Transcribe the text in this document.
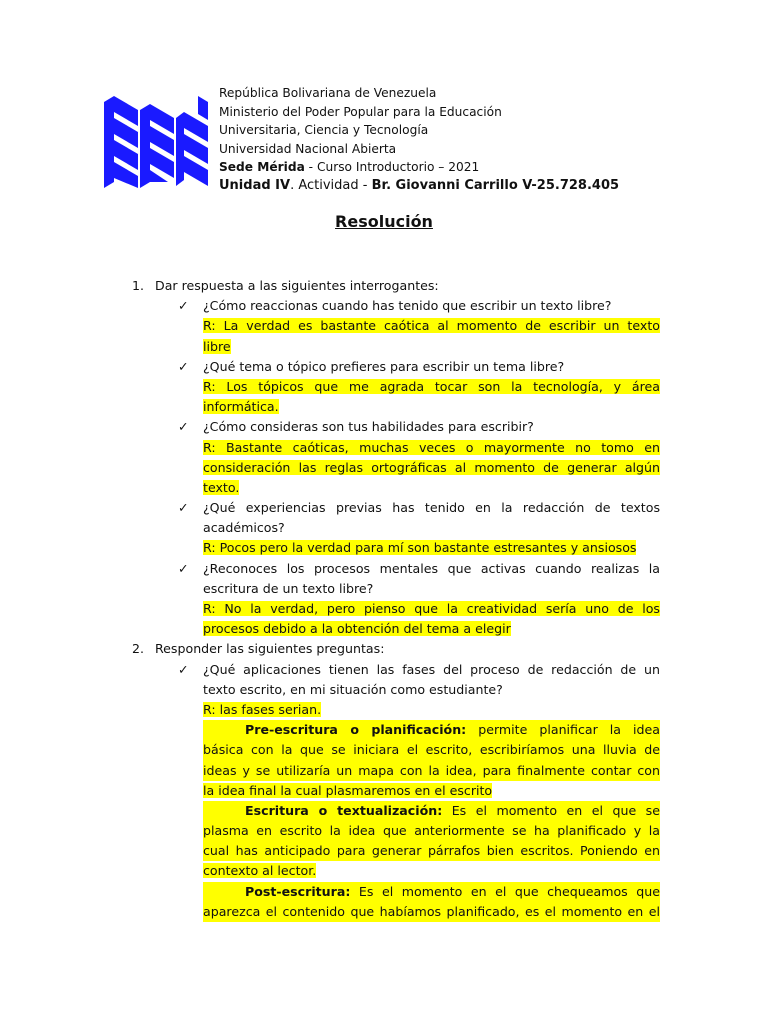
República Bolivariana de Venezuela
Ministerio del Poder Popular para la Educación
Universitaria, Ciencia y Tecnología
Universidad Nacional Abierta
Sede Mérida - Curso Introductorio – 2021
Unidad IV. Actividad - Br. Giovanni Carrillo V-25.728.405
Resolución
1. Dar respuesta a las siguientes interrogantes:
✓ ¿Cómo reaccionas cuando has tenido que escribir un texto libre?
R: La verdad es bastante caótica al momento de escribir un texto
libre
✓ ¿Qué tema o tópico prefieres para escribir un tema libre?
R: Los tópicos que me agrada tocar son la tecnología, y área
informática.
✓ ¿Cómo consideras son tus habilidades para escribir?
R: Bastante caóticas, muchas veces o mayormente no tomo en
consideración las reglas ortográficas al momento de generar algún
texto.
✓ ¿Qué experiencias previas has tenido en la redacción de textos
académicos?
R: Pocos pero la verdad para mí son bastante estresantes y ansiosos
✓ ¿Reconoces los procesos mentales que activas cuando realizas la
escritura de un texto libre?
R: No la verdad, pero pienso que la creatividad sería uno de los
procesos debido a la obtención del tema a elegir
2. Responder las siguientes preguntas:
✓ ¿Qué aplicaciones tienen las fases del proceso de redacción de un
texto escrito, en mi situación como estudiante?
R: las fases serian.
Pre-escritura o planificación: permite planificar la idea
básica con la que se iniciara el escrito, escribiríamos una lluvia de
ideas y se utilizaría un mapa con la idea, para finalmente contar con
la idea final la cual plasmaremos en el escrito
Escritura o textualización: Es el momento en el que se
plasma en escrito la idea que anteriormente se ha planificado y la
cual has anticipado para generar párrafos bien escritos. Poniendo en
contexto al lector.
Post-escritura: Es el momento en el que chequeamos que
aparezca el contenido que habíamos planificado, es el momento en el
